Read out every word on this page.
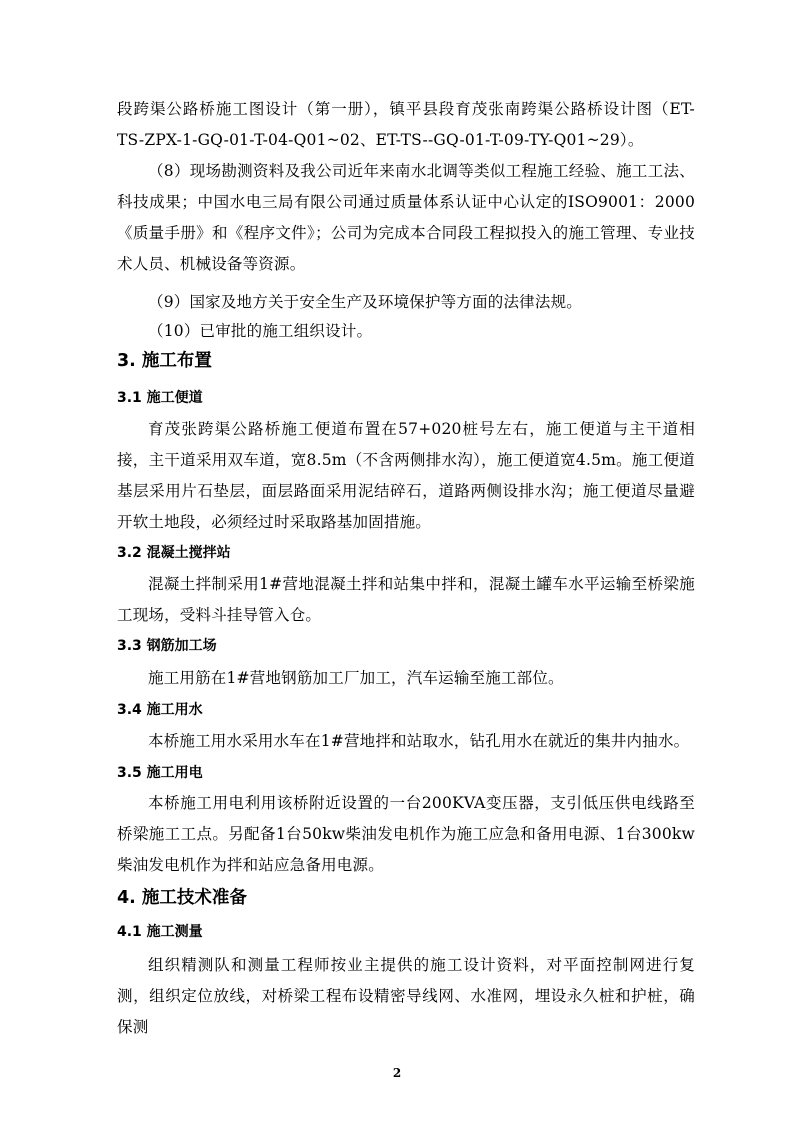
段跨渠公路桥施工图设计（第一册），镇平县段育茂张南跨渠公路桥设计图（ET-TS-ZPX-1-GQ-01-T-04-Q01~02、ET-TS--GQ-01-T-09-TY-Q01~29）。

（8）现场勘测资料及我公司近年来南水北调等类似工程施工经验、施工工法、科技成果；中国水电三局有限公司通过质量体系认证中心认定的ISO9001：2000《质量手册》和《程序文件》；公司为完成本合同段工程拟投入的施工管理、专业技术人员、机械设备等资源。

（9）国家及地方关于安全生产及环境保护等方面的法律法规。

（10）已审批的施工组织设计。

3. 施工布置
3.1 施工便道

育茂张跨渠公路桥施工便道布置在57+020桩号左右，施工便道与主干道相接，主干道采用双车道，宽8.5m（不含两侧排水沟），施工便道宽4.5m。施工便道基层采用片石垫层，面层路面采用泥结碎石，道路两侧设排水沟；施工便道尽量避开软土地段，必须经过时采取路基加固措施。

3.2 混凝土搅拌站

混凝土拌制采用1#营地混凝土拌和站集中拌和，混凝土罐车水平运输至桥梁施工现场，受料斗挂导管入仓。

3.3 钢筋加工场

施工用筋在1#营地钢筋加工厂加工，汽车运输至施工部位。

3.4 施工用水

本桥施工用水采用水车在1#营地拌和站取水，钻孔用水在就近的集井内抽水。

3.5 施工用电

本桥施工用电利用该桥附近设置的一台200KVA变压器，支引低压供电线路至桥梁施工工点。另配备1台50kw柴油发电机作为施工应急和备用电源、1台300kw柴油发电机作为拌和站应急备用电源。

4. 施工技术准备
4.1 施工测量

组织精测队和测量工程师按业主提供的施工设计资料，对平面控制网进行复测，组织定位放线，对桥梁工程布设精密导线网、水准网，埋设永久桩和护桩，确保测

2
